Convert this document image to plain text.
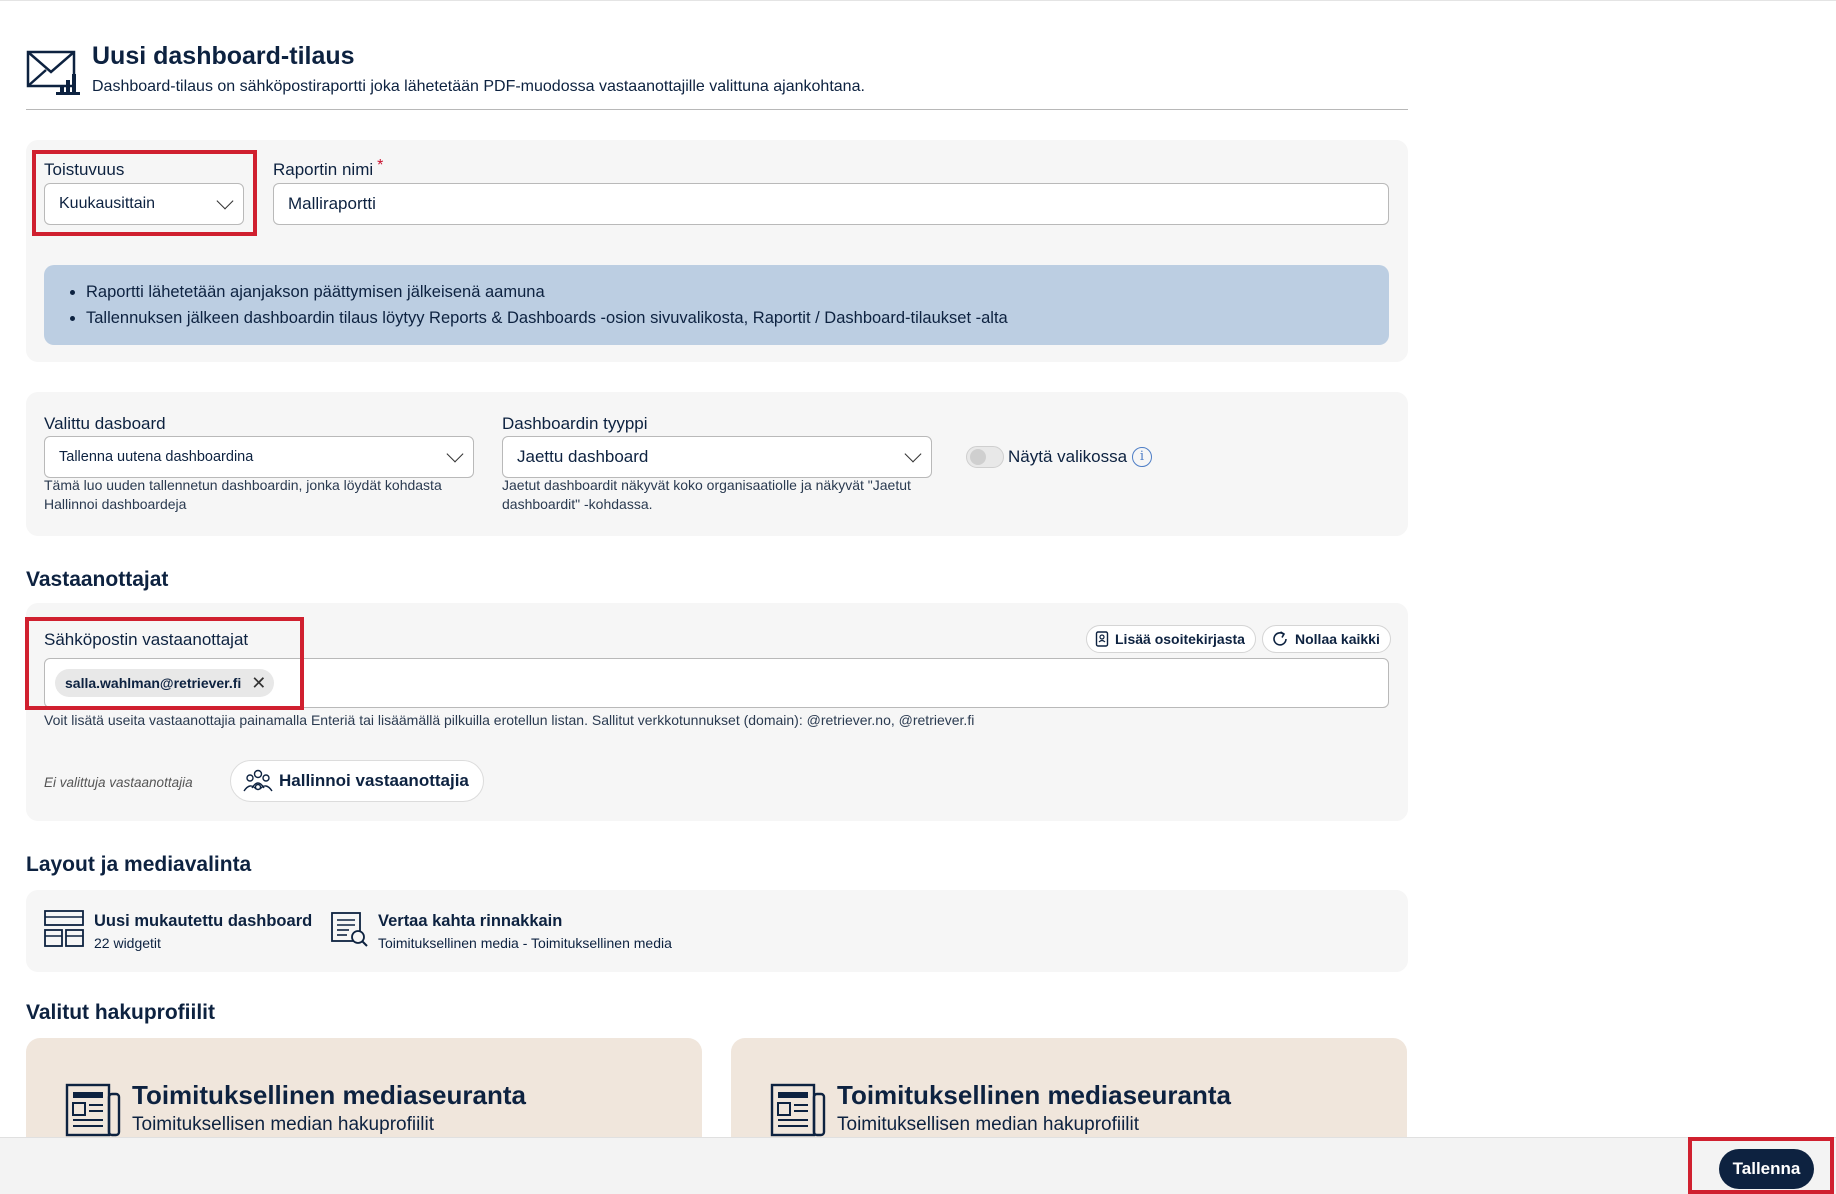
Uusi dashboard-tilaus
Dashboard-tilaus on sähköpostiraportti joka lähetetään PDF-muodossa vastaanottajille valittuna ajankohtana.
Toistuvuus
Kuukausittain
Raportin nimi *
Malliraportti
• Raportti lähetetään ajanjakson päättymisen jälkeisenä aamuna
• Tallennuksen jälkeen dashboardin tilaus löytyy Reports & Dashboards -osion sivuvalikosta, Raportit / Dashboard-tilaukset -alta
Valittu dasboard
Tallenna uutena dashboardina
Tämä luo uuden tallennetun dashboardin, jonka löydät kohdasta Hallinnoi dashboardeja
Dashboardin tyyppi
Jaettu dashboard
Jaetut dashboardit näkyvät koko organisaatiolle ja näkyvät "Jaetut dashboardit" -kohdassa.
Näytä valikossa i
Vastaanottajat
Sähköpostin vastaanottajat	Lisää osoitekirjasta	Nollaa kaikki
salla.wahlman@retriever.fi ✕
Voit lisätä useita vastaanottajia painamalla Enteriä tai lisäämällä pilkuilla erotellun listan. Sallitut verkkotunnukset (domain): @retriever.no, @retriever.fi
Ei valittuja vastaanottajia	Hallinnoi vastaanottajia
Layout ja mediavalinta
Uusi mukautettu dashboard
22 widgetit
Vertaa kahta rinnakkain
Toimituksellinen media - Toimituksellinen media
Valitut hakuprofiilit
Toimituksellinen mediaseuranta
Toimituksellisen median hakuprofiilit
Toimituksellinen mediaseuranta
Toimituksellisen median hakuprofiilit
Tallenna
